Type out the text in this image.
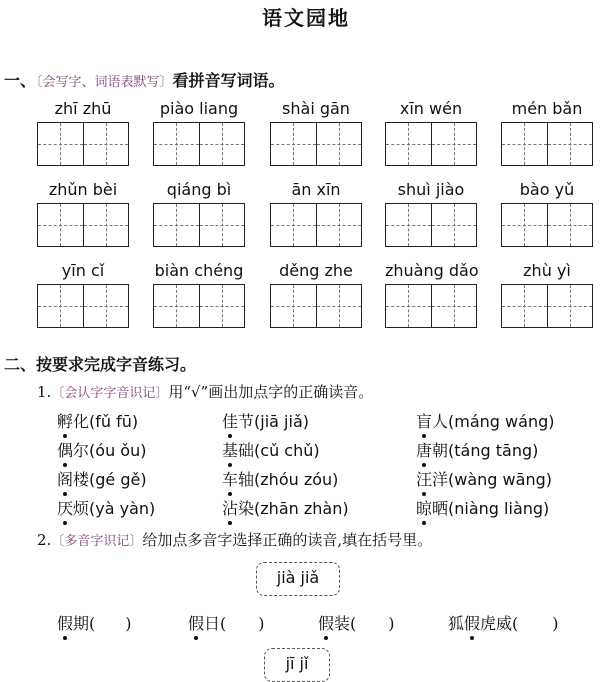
语文园地
一、〔会写字、词语表默写〕看拼音写词语。
zhī zhū	piào liang	shài gān	xīn wén	mén bǎn
zhǔn bèi	qiáng bì	ān xīn	shuì jiào	bào yǔ
yīn cǐ	biàn chéng	děng zhe	zhuàng dǎo	zhù yì
二、按要求完成字音练习。
1.〔会认字字音识记〕用“√”画出加点字的正确读音。
孵化(fǔ fū)	佳节(jiā jiǎ)	盲人(máng wáng)
偶尔(óu ǒu)	基础(cǔ chǔ)	唐朝(táng tāng)
阁楼(gé gě)	车轴(zhóu zóu)	汪洋(wàng wāng)
厌烦(yà yàn)	沾染(zhān zhàn)	晾晒(niàng liàng)
2.〔多音字识记〕给加点多音字选择正确的读音,填在括号里。
jià jiǎ
假期( )	假日( )	假装( )	狐假虎威( )
jī jǐ
